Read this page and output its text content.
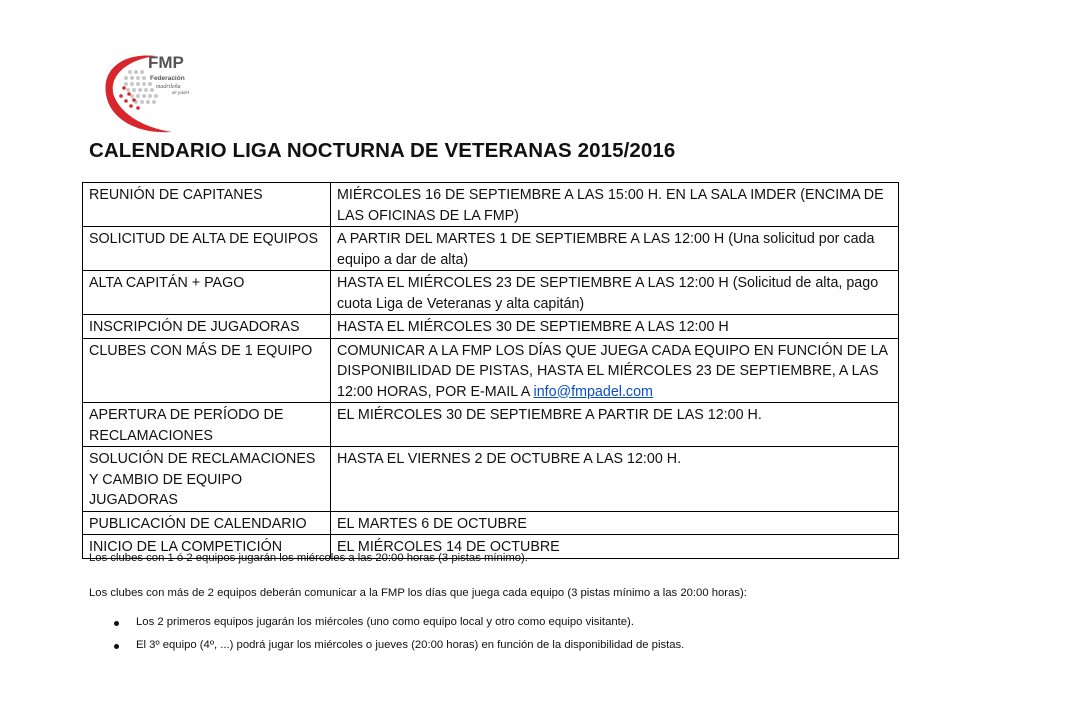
FMP
Federación
madrileña
de pádel
CALENDARIO LIGA NOCTURNA DE VETERANAS 2015/2016
REUNIÓN DE CAPITANES	MIÉRCOLES 16 DE SEPTIEMBRE A LAS 15:00 H. EN LA SALA IMDER (ENCIMA DE LAS OFICINAS DE LA FMP)
SOLICITUD DE ALTA DE EQUIPOS	A PARTIR DEL MARTES 1 DE SEPTIEMBRE A LAS 12:00 H (Una solicitud por cada equipo a dar de alta)
ALTA CAPITÁN + PAGO	HASTA EL MIÉRCOLES 23 DE SEPTIEMBRE A LAS 12:00 H (Solicitud de alta, pago cuota Liga de Veteranas y alta capitán)
INSCRIPCIÓN DE JUGADORAS	HASTA EL MIÉRCOLES 30 DE SEPTIEMBRE A LAS 12:00 H
CLUBES CON MÁS DE 1 EQUIPO	COMUNICAR A LA FMP LOS DÍAS QUE JUEGA CADA EQUIPO EN FUNCIÓN DE LA DISPONIBILIDAD DE PISTAS, HASTA EL MIÉRCOLES 23 DE SEPTIEMBRE, A LAS 12:00 HORAS, POR E-MAIL A info@fmpadel.com
APERTURA DE PERÍODO DE RECLAMACIONES	EL MIÉRCOLES 30 DE SEPTIEMBRE A PARTIR DE LAS 12:00 H.
SOLUCIÓN DE RECLAMACIONES Y CAMBIO DE EQUIPO JUGADORAS	HASTA EL VIERNES 2 DE OCTUBRE A LAS 12:00 H.
PUBLICACIÓN DE CALENDARIO	EL MARTES 6 DE OCTUBRE
INICIO DE LA COMPETICIÓN	EL MIÉRCOLES 14 DE OCTUBRE

Los clubes con 1 ó 2 equipos jugarán los miércoles a las 20:00 horas (3 pistas mínimo).

Los clubes con más de 2 equipos deberán comunicar a la FMP los días que juega cada equipo (3 pistas mínimo a las 20:00 horas):

Los 2 primeros equipos jugarán los miércoles (uno como equipo local y otro como equipo visitante).
El 3º equipo (4º, ...) podrá jugar los miércoles o jueves (20:00 horas) en función de la disponibilidad de pistas.
